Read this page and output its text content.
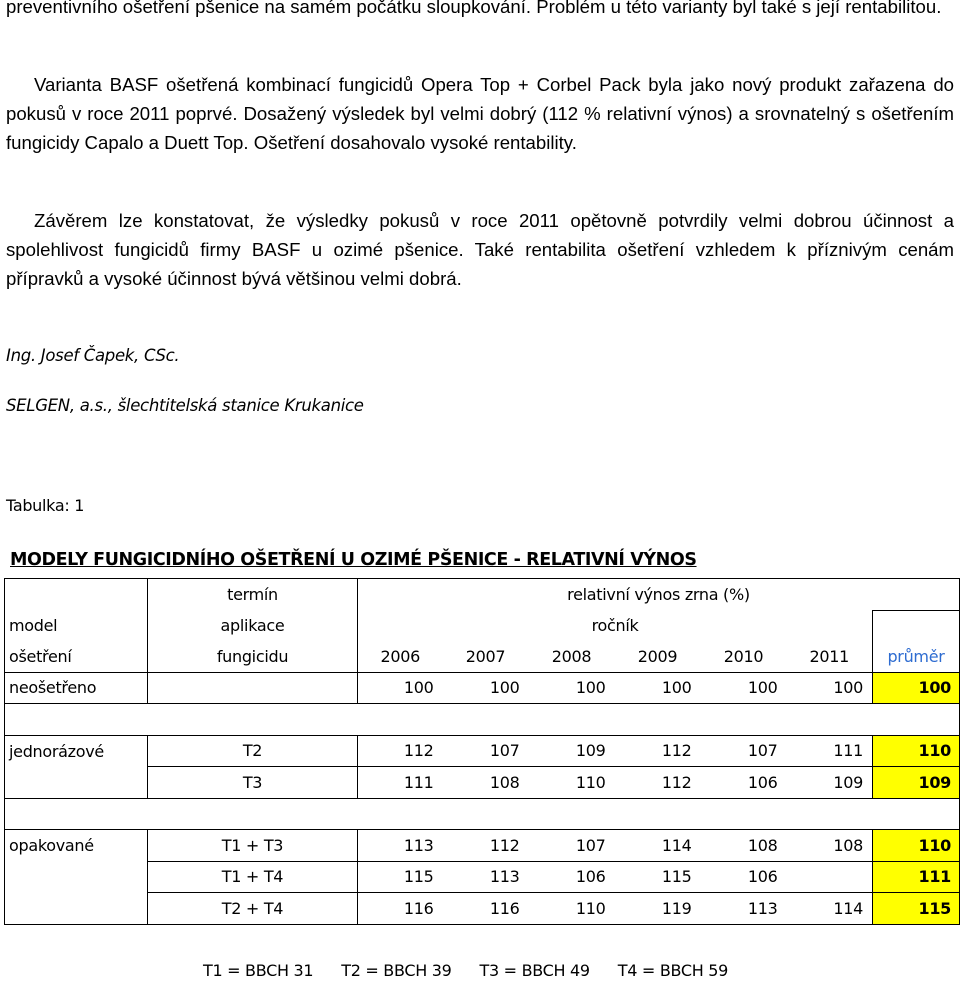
preventivního ošetření pšenice na samém počátku sloupkování. Problém u této varianty byl také s její rentabilitou.

Varianta BASF ošetřená kombinací fungicidů Opera Top + Corbel Pack byla jako nový produkt zařazena do pokusů v roce 2011 poprvé. Dosažený výsledek byl velmi dobrý (112 % relativní výnos) a srovnatelný s ošetřením fungicidy Capalo a Duett Top. Ošetření dosahovalo vysoké rentability.

Závěrem lze konstatovat, že výsledky pokusů v roce 2011 opětovně potvrdily velmi dobrou účinnost a spolehlivost fungicidů firmy BASF u ozimé pšenice. Také rentabilita ošetření vzhledem k příznivým cenám přípravků a vysoké účinnost bývá většinou velmi dobrá.

Ing. Josef Čapek, CSc.

SELGEN, a.s., šlechtitelská stanice Krukanice

Tabulka: 1

MODELY FUNGICIDNÍHO OŠETŘENÍ U OZIMÉ PŠENICE - RELATIVNÍ VÝNOS

	termín	relativní výnos zrna (%)						
model	aplikace	ročník						
ošetření	fungicidu	2006	2007	2008	2009	2010	2011	průměr
neošetřeno		100	100	100	100	100	100	100

jednorázové	T2	112	107	109	112	107	111	110
	T3	111	108	110	112	106	109	109

opakované	T1 + T3	113	112	107	114	108	108	110
	T1 + T4	115	113	106	115	106		111
	T2 + T4	116	116	110	119	113	114	115

T1 = BBCH 31 T2 = BBCH 39 T3 = BBCH 49 T4 = BBCH 59
